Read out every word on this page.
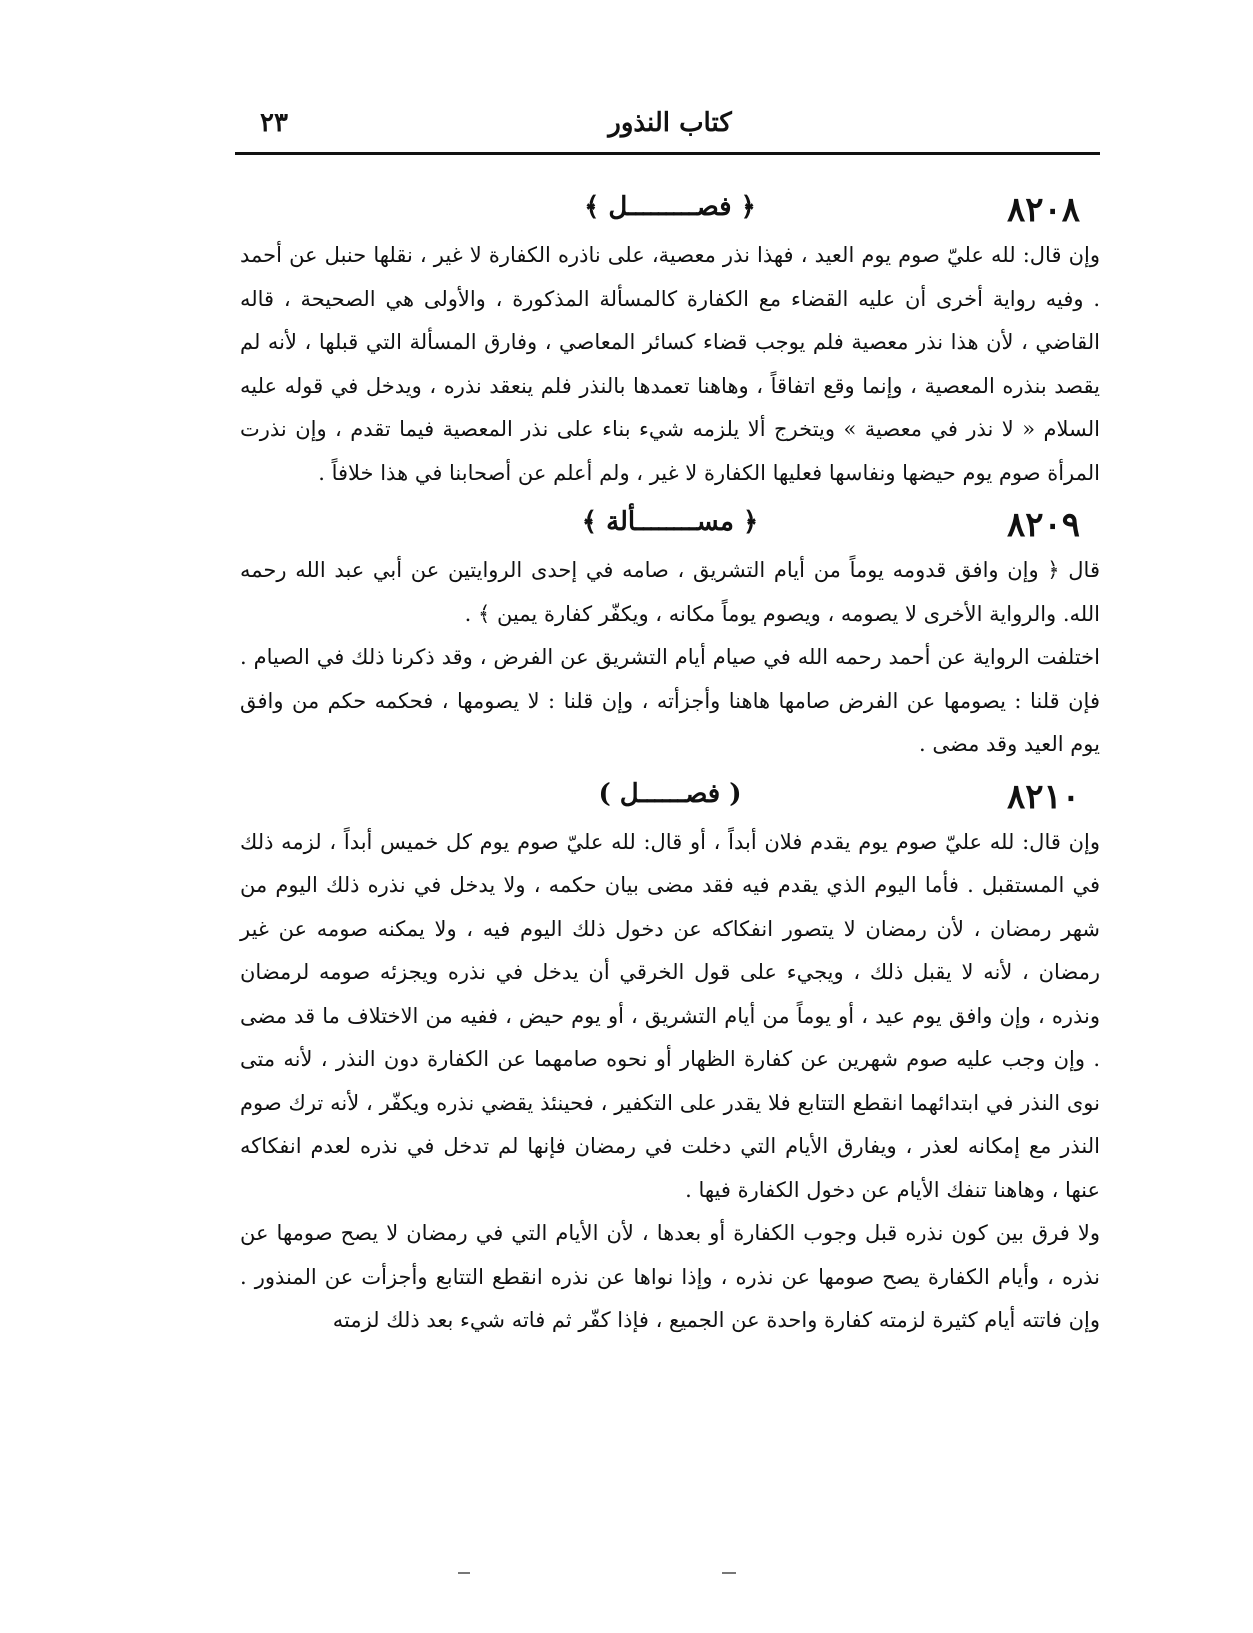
٢٣	كتاب النذور
٨٢٠٨
﴿ فصـــــــــل ﴾

وإن قال: لله عليّ صوم يوم العيد ، فهذا نذر معصية، على ناذره الكفارة لا غير ، نقلها حنبل عن أحمد . وفيه رواية أخرى أن عليه القضاء مع الكفارة كالمسألة المذكورة ، والأولى هي الصحيحة ، قاله القاضي ، لأن هذا نذر معصية فلم يوجب قضاء كسائر المعاصي ، وفارق المسألة التي قبلها ، لأنه لم يقصد بنذره المعصية ، وإنما وقع اتفاقاً ، وهاهنا تعمدها بالنذر فلم ينعقد نذره ، ويدخل في قوله عليه السلام « لا نذر في معصية » ويتخرج ألا يلزمه شيء بناء على نذر المعصية فيما تقدم ، وإن نذرت المرأة صوم يوم حيضها ونفاسها فعليها الكفارة لا غير ، ولم أعلم عن أصحابنا في هذا خلافاً .

٨٢٠٩
﴿ مســــــــألة ﴾

قال ﴿ وإن وافق قدومه يوماً من أيام التشريق ، صامه في إحدى الروايتين عن أبي عبد الله رحمه الله. والرواية الأخرى لا يصومه ، ويصوم يوماً مكانه ، ويكفّر كفارة يمين ﴾ .

اختلفت الرواية عن أحمد رحمه الله في صيام أيام التشريق عن الفرض ، وقد ذكرنا ذلك في الصيام . فإن قلنا : يصومها عن الفرض صامها هاهنا وأجزأته ، وإن قلنا : لا يصومها ، فحكمه حكم من وافق يوم العيد وقد مضى .

٨٢١٠
( فصــــــل )

وإن قال: لله عليّ صوم يوم يقدم فلان أبداً ، أو قال: لله عليّ صوم يوم كل خميس أبداً ، لزمه ذلك في المستقبل . فأما اليوم الذي يقدم فيه فقد مضى بيان حكمه ، ولا يدخل في نذره ذلك اليوم من شهر رمضان ، لأن رمضان لا يتصور انفكاكه عن دخول ذلك اليوم فيه ، ولا يمكنه صومه عن غير رمضان ، لأنه لا يقبل ذلك ، ويجيء على قول الخرقي أن يدخل في نذره ويجزئه صومه لرمضان ونذره ، وإن وافق يوم عيد ، أو يوماً من أيام التشريق ، أو يوم حيض ، ففيه من الاختلاف ما قد مضى . وإن وجب عليه صوم شهرين عن كفارة الظهار أو نحوه صامهما عن الكفارة دون النذر ، لأنه متى نوى النذر في ابتدائهما انقطع التتابع فلا يقدر على التكفير ، فحينئذ يقضي نذره ويكفّر ، لأنه ترك صوم النذر مع إمكانه لعذر ، ويفارق الأيام التي دخلت في رمضان فإنها لم تدخل في نذره لعدم انفكاكه عنها ، وهاهنا تنفك الأيام عن دخول الكفارة فيها .

ولا فرق بين كون نذره قبل وجوب الكفارة أو بعدها ، لأن الأيام التي في رمضان لا يصح صومها عن نذره ، وأيام الكفارة يصح صومها عن نذره ، وإذا نواها عن نذره انقطع التتابع وأجزأت عن المنذور . وإن فاتته أيام كثيرة لزمته كفارة واحدة عن الجميع ، فإذا كفّر ثم فاته شيء بعد ذلك لزمته
